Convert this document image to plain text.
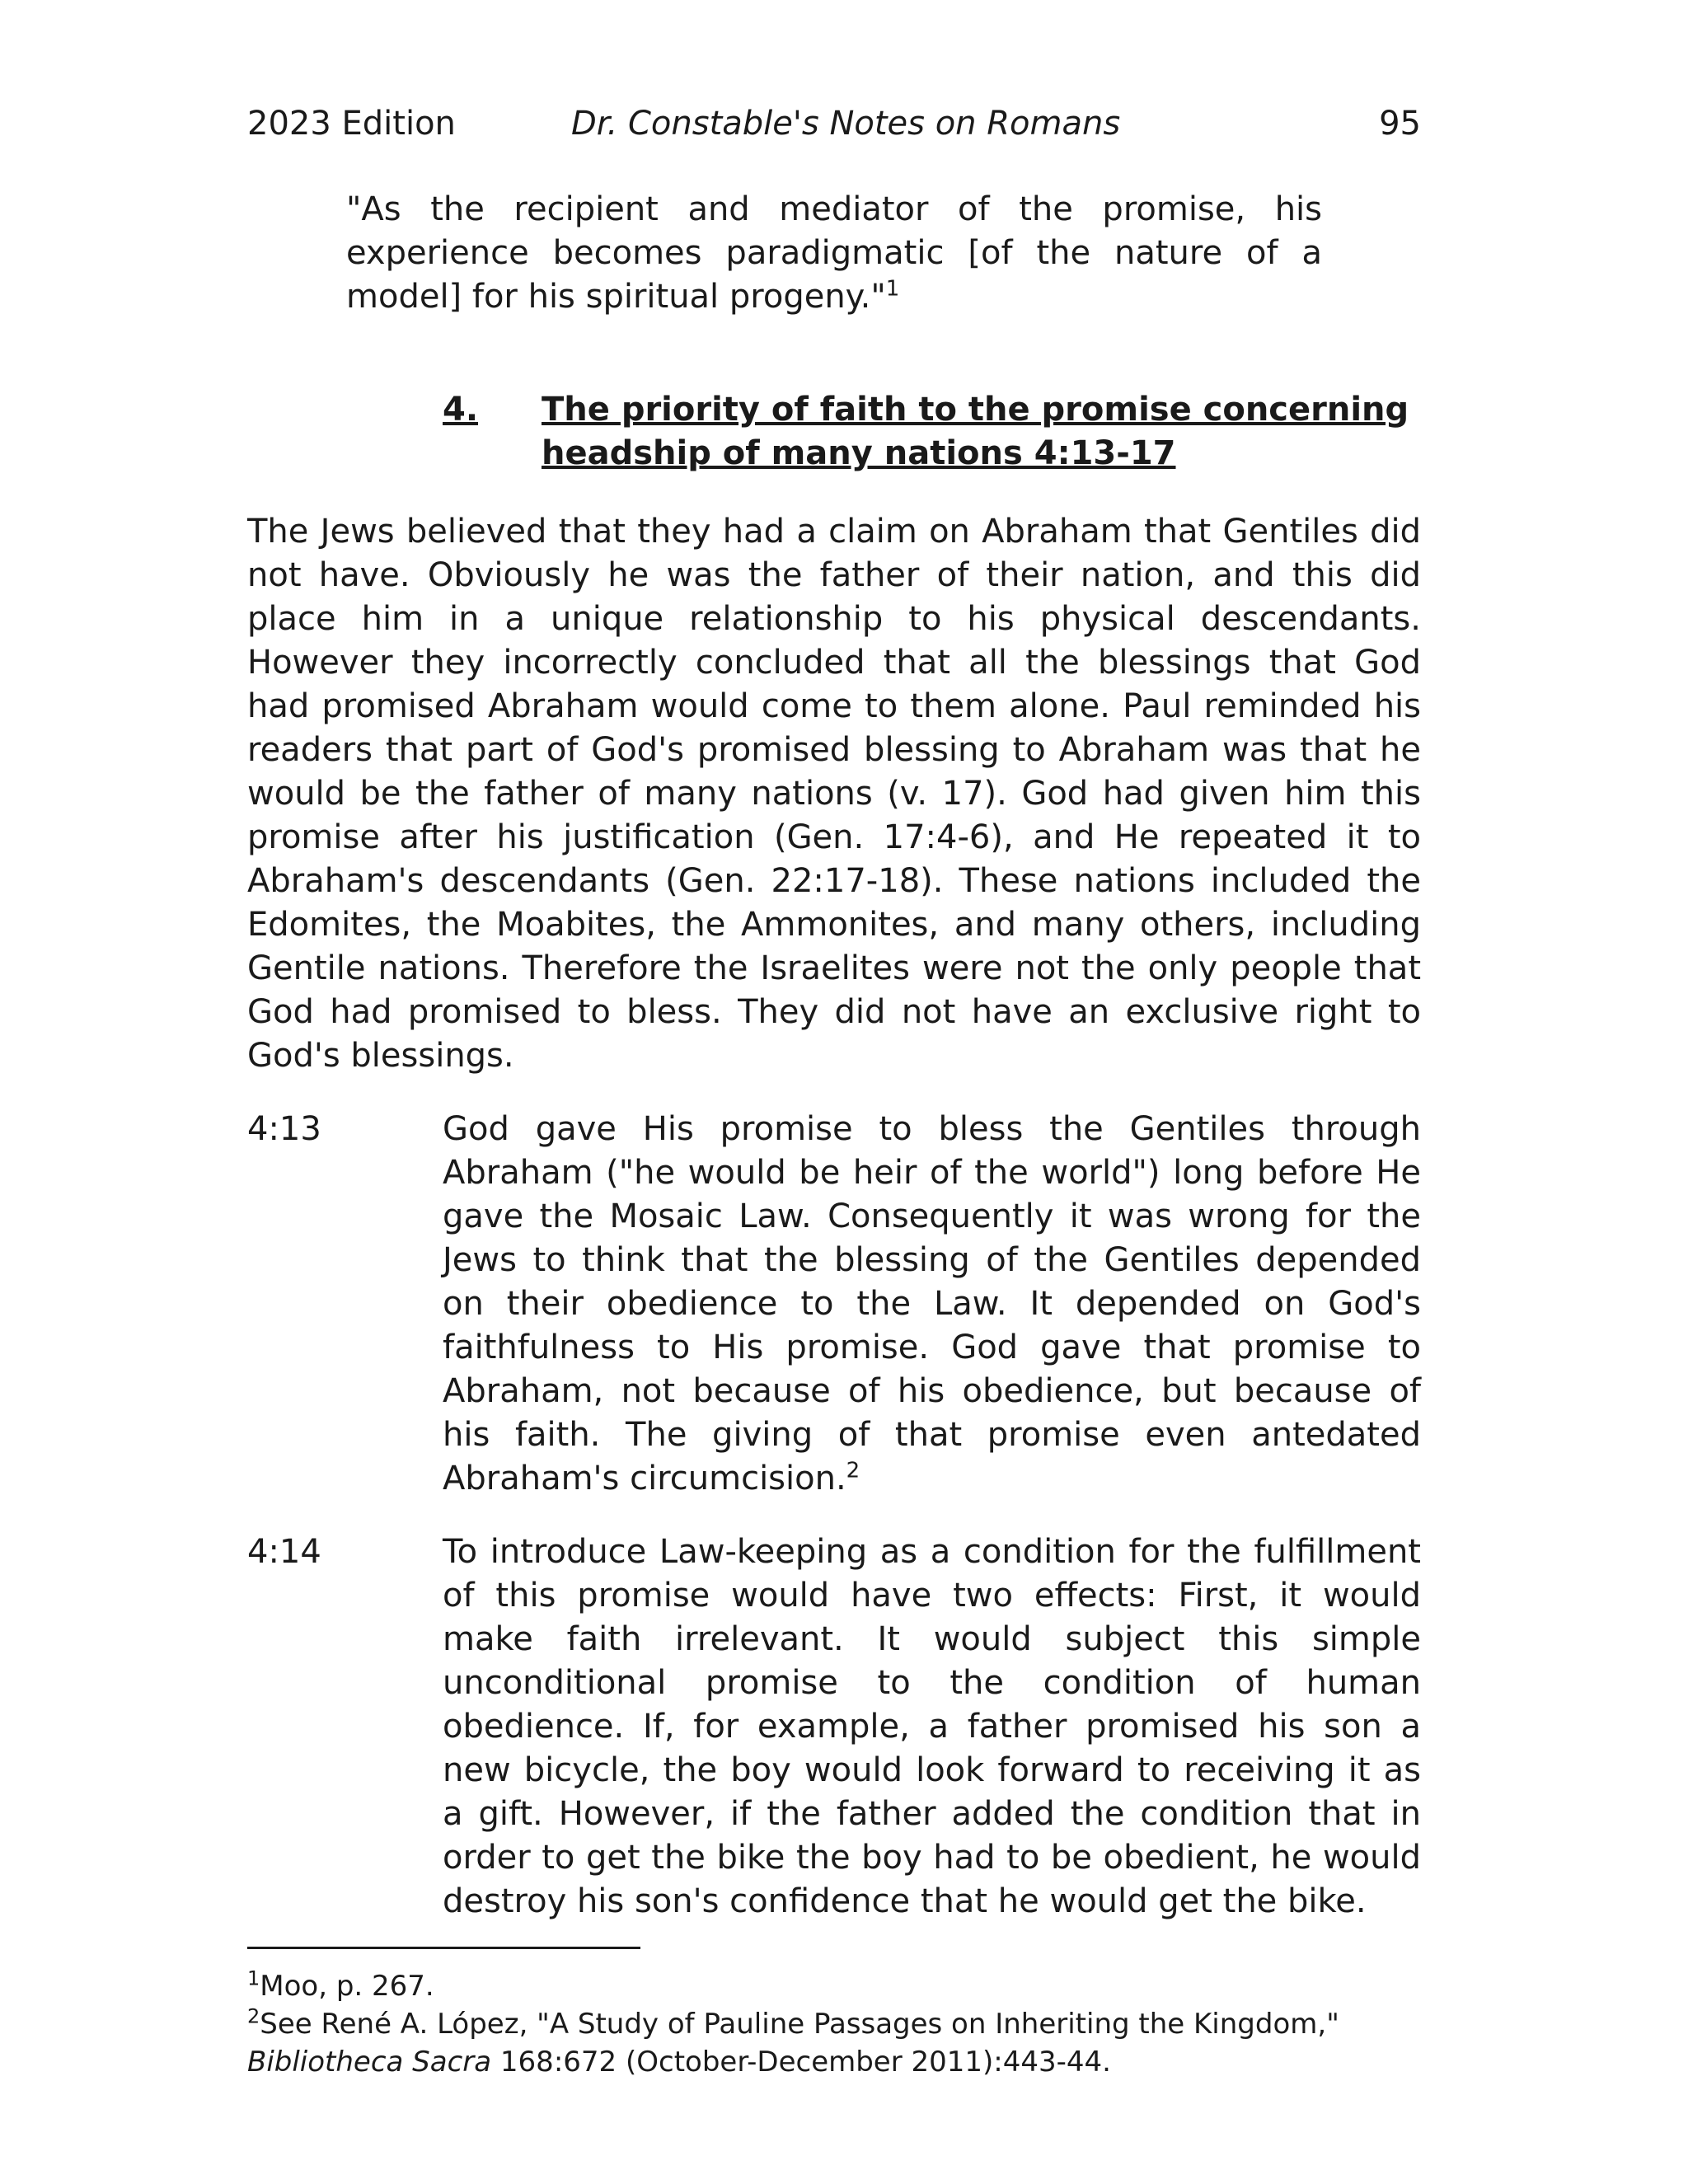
2023 Edition	Dr. Constable's Notes on Romans	95
"As the recipient and mediator of the promise, his experience becomes paradigmatic [of the nature of a model] for his spiritual progeny."$^1$
4.	The priority of faith to the promise concerning headship of many nations 4:13-17
The Jews believed that they had a claim on Abraham that Gentiles did not have. Obviously he was the father of their nation, and this did place him in a unique relationship to his physical descendants. However they incorrectly concluded that all the blessings that God had promised Abraham would come to them alone. Paul reminded his readers that part of God's promised blessing to Abraham was that he would be the father of many nations (v. 17). God had given him this promise after his justification (Gen. 17:4-6), and He repeated it to Abraham's descendants (Gen. 22:17-18). These nations included the Edomites, the Moabites, the Ammonites, and many others, including Gentile nations. Therefore the Israelites were not the only people that God had promised to bless. They did not have an exclusive right to God's blessings.
4:13	God gave His promise to bless the Gentiles through Abraham ("he would be heir of the world") long before He gave the Mosaic Law. Consequently it was wrong for the Jews to think that the blessing of the Gentiles depended on their obedience to the Law. It depended on God's faithfulness to His promise. God gave that promise to Abraham, not because of his obedience, but because of his faith. The giving of that promise even antedated Abraham's circumcision.$^2$
4:14	To introduce Law-keeping as a condition for the fulfillment of this promise would have two effects: First, it would make faith irrelevant. It would subject this simple unconditional promise to the condition of human obedience. If, for example, a father promised his son a new bicycle, the boy would look forward to receiving it as a gift. However, if the father added the condition that in order to get the bike the boy had to be obedient, he would destroy his son's confidence that he would get the bike.

$^1$Moo, p. 267.

$^2$See René A. López, "A Study of Pauline Passages on Inheriting the Kingdom," Bibliotheca Sacra 168:672 (October-December 2011):443-44.
